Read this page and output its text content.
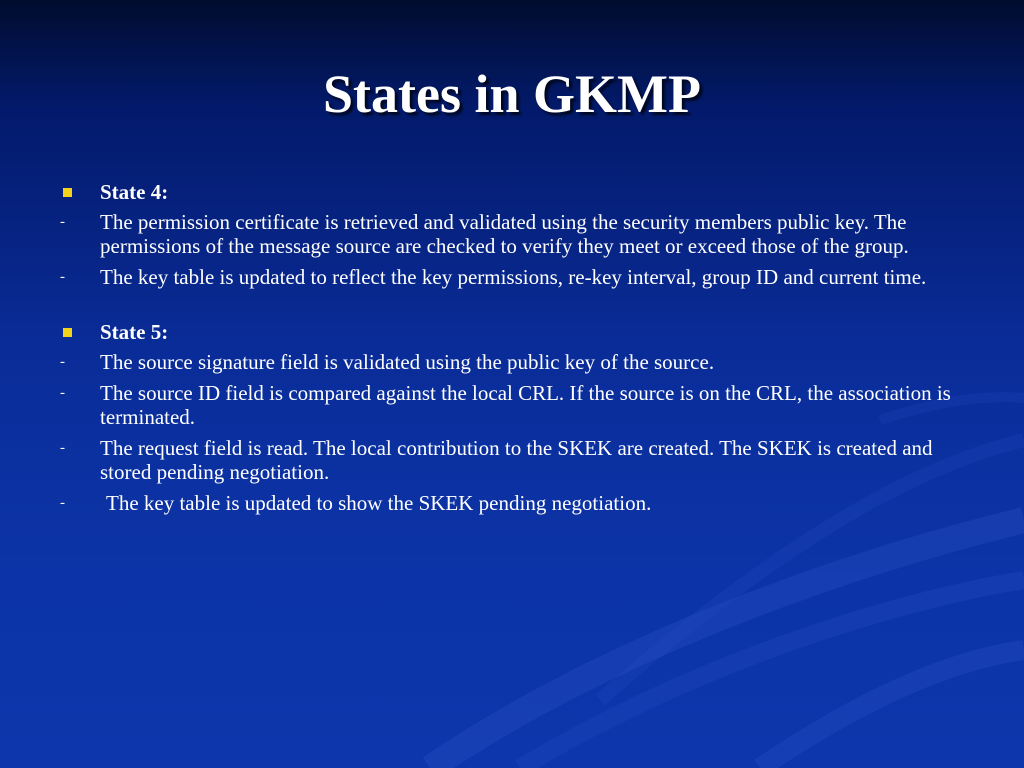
States in GKMP
State 4:
- The permission certificate is retrieved and validated using the security members public key. The permissions of the message source are checked to verify they meet or exceed those of the group.
- The key table is updated to reflect the key permissions, re-key interval, group ID and current time.
State 5:
- The source signature field is validated using the public key of the source.
- The source ID field is compared against the local CRL. If the source is on the CRL, the association is terminated.
- The request field is read. The local contribution to the SKEK are created. The SKEK is created and stored pending negotiation.
- The key table is updated to show the SKEK pending negotiation.
